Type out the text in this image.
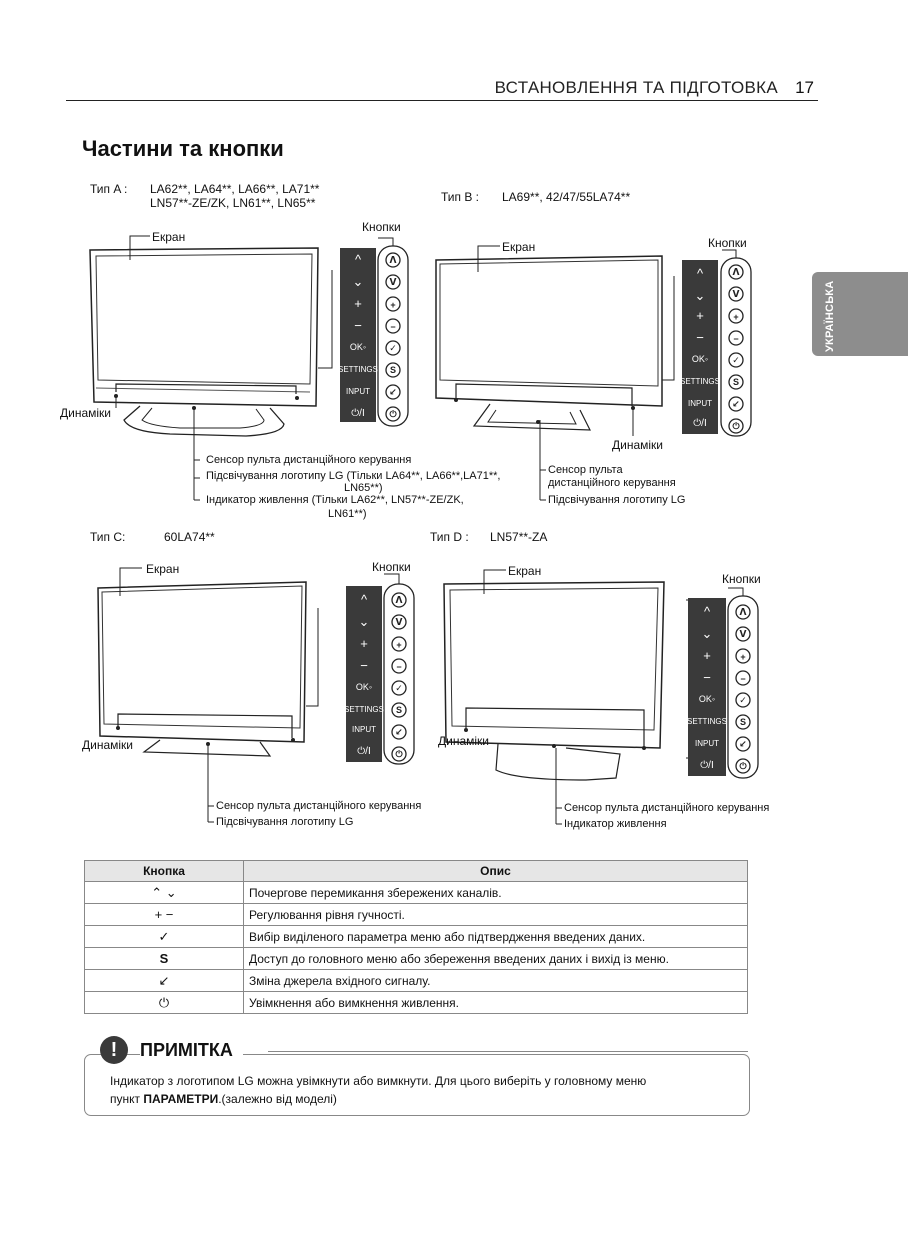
ВСТАНОВЛЕННЯ ТА ПІДГОТОВКА 17
УКРАЇНСЬКА
Частини та кнопки
Тип A : LA62**, LA64**, LA66**, LA71**
LN57**-ZE/ZK, LN61**, LN65**
^
⌄
+
−
OK◦
SETTINGS
INPUT
⏻/I
ᐱ
ᐯ
+
−
✓
S
↙
⏻
Екран
Кнопки
Динаміки
Сенсор пульта дистанційного керування
Підсвічування логотипу LG (Тільки LA64**, LA66**,LA71**,
LN65**)
Індикатор живлення (Тільки LA62**, LN57**-ZE/ZK,
LN61**)
Тип B : LA69**, 42/47/55LA74**
^
⌄
+
−
OK◦
SETTINGS
INPUT
⏻/I
ᐱ
ᐯ
+
−
✓
S
↙
⏻
Екран	Кнопки
Динаміки
Сенсор пульта
дистанційного керування
Підсвічування логотипу LG
Тип C:	60LA74**
^
⌄
+
−
OK◦
SETTINGS
INPUT
⏻/I
ᐱ
ᐯ
+
−
✓
S
↙
⏻
Екран	Кнопки
Динаміки
Сенсор пульта дистанційного керування
Підсвічування логотипу LG
Тип D : LN57**-ZA
^
⌄
+
−
OK◦
SETTINGS
INPUT
⏻/I
ᐱ
ᐯ
+
−
✓
S
↙
⏻
Екран
Кнопки
Динаміки
Сенсор пульта дистанційного керування
Індикатор живлення
Кнопка	Опис
⌃ ⌄	Почергове перемикання збережених каналів.
+ −	Регулювання рівня гучності.
✓	Вибір виділеного параметра меню або підтвердження введених даних.
S	Доступ до головного меню або збереження введених даних і вихід із меню.
↙	Зміна джерела вхідного сигналу.
⏻	Увімкнення або вимкнення живлення.
!	ПРИМІТКА
Індикатор з логотипом LG можна увімкнути або вимкнути. Для цього виберіть у головному меню
пункт ПАРАМЕТРИ.(залежно від моделі)
